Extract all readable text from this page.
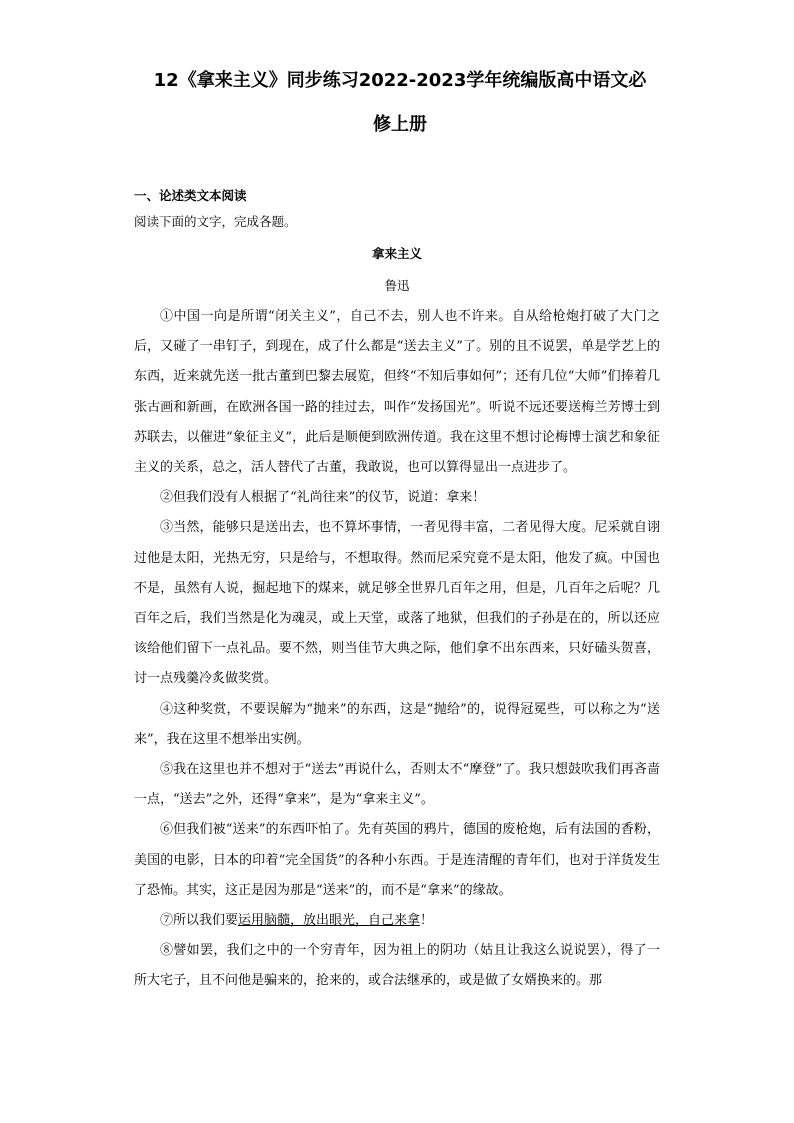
12《拿来主义》同步练习2022-2023学年统编版高中语文必
修上册
一、论述类文本阅读
阅读下面的文字，完成各题。
拿来主义
鲁迅

①中国一向是所谓“闭关主义”，自己不去，别人也不许来。自从给枪炮打破了大门之后，又碰了一串钉子，到现在，成了什么都是“送去主义”了。别的且不说罢，单是学艺上的东西，近来就先送一批古董到巴黎去展览，但终“不知后事如何”；还有几位“大师”们捧着几张古画和新画，在欧洲各国一路的挂过去，叫作“发扬国光”。听说不远还要送梅兰芳博士到苏联去，以催进“象征主义”，此后是顺便到欧洲传道。我在这里不想讨论梅博士演艺和象征主义的关系，总之，活人替代了古董，我敢说，也可以算得显出一点进步了。

②但我们没有人根据了“礼尚往来”的仪节，说道：拿来！

③当然，能够只是送出去，也不算坏事情，一者见得丰富，二者见得大度。尼采就自诩过他是太阳，光热无穷，只是给与，不想取得。然而尼采究竟不是太阳，他发了疯。中国也不是，虽然有人说，掘起地下的煤来，就足够全世界几百年之用，但是，几百年之后呢？几百年之后，我们当然是化为魂灵，或上天堂，或落了地狱，但我们的子孙是在的，所以还应该给他们留下一点礼品。要不然，则当佳节大典之际，他们拿不出东西来，只好磕头贺喜，讨一点残羹冷炙做奖赏。

④这种奖赏，不要误解为“抛来”的东西，这是“抛给”的，说得冠冕些，可以称之为“送来”，我在这里不想举出实例。

⑤我在这里也并不想对于“送去”再说什么，否则太不“摩登”了。我只想鼓吹我们再吝啬一点，“送去”之外，还得“拿来”，是为“拿来主义”。

⑥但我们被“送来”的东西吓怕了。先有英国的鸦片，德国的废枪炮，后有法国的香粉，美国的电影，日本的印着“完全国货”的各种小东西。于是连清醒的青年们，也对于洋货发生了恐怖。其实，这正是因为那是“送来”的，而不是“拿来”的缘故。

⑦所以我们要运用脑髓，放出眼光，自己来拿！

⑧譬如罢，我们之中的一个穷青年，因为祖上的阴功（姑且让我这么说说罢），得了一所大宅子，且不问他是骗来的，抢来的，或合法继承的，或是做了女婿换来的。那
